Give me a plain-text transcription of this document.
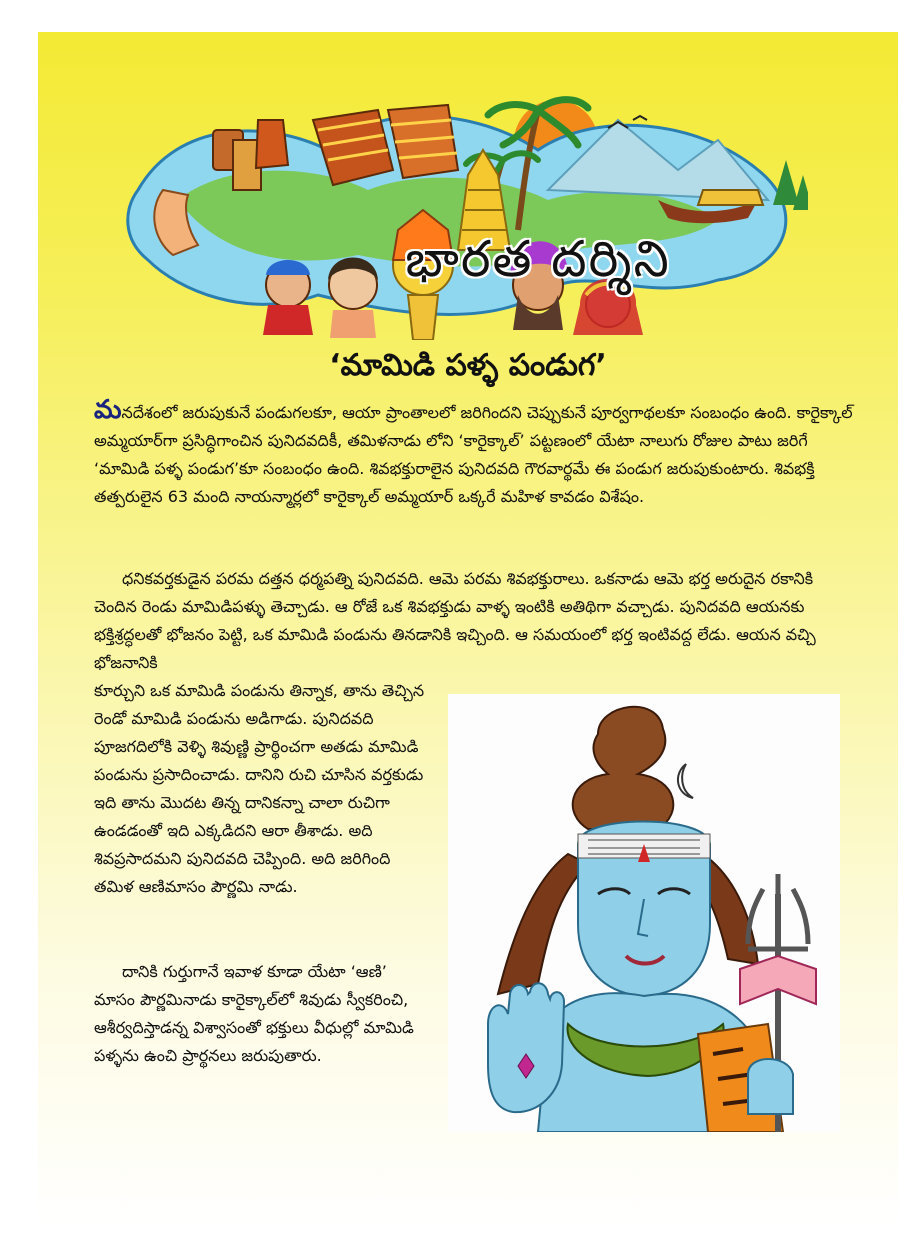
భారత దర్శిని
‘మామిడి పళ్ళ పండుగ’

మనదేశంలో జరుపుకునే పండుగలకూ, ఆయా ప్రాంతాలలో జరిగిందని చెప్పుకునే పూర్వగాథలకూ సంబంధం ఉంది. కారైక్కాల్ అమ్మయార్‌గా ప్రసిద్ధిగాంచిన పునిదవదికీ, తమిళనాడు లోని ‘కారైక్కాల్’ పట్టణంలో యేటా నాలుగు రోజుల పాటు జరిగే ‘మామిడి పళ్ళ పండుగ’కూ సంబంధం ఉంది. శివభక్తురాలైన పునిదవది గౌరవార్థమే ఈ పండుగ జరుపుకుంటారు. శివభక్తి తత్పరులైన 63 మంది నాయన్మార్లలో కారైక్కాల్ అమ్మయార్ ఒక్కరే మహిళ కావడం విశేషం.

ధనికవర్తకుడైన పరమ దత్తన ధర్మపత్ని పునిదవది. ఆమె పరమ శివభక్తురాలు. ఒకనాడు ఆమె భర్త అరుదైన రకానికి చెందిన రెండు మామిడిపళ్ళు తెచ్చాడు. ఆ రోజే ఒక శివభక్తుడు వాళ్ళ ఇంటికి అతిథిగా వచ్చాడు. పునిదవది ఆయనకు భక్తిశ్రద్ధలతో భోజనం పెట్టి, ఒక మామిడి పండును తినడానికి ఇచ్చింది. ఆ సమయంలో భర్త ఇంటివద్ద లేడు. ఆయన వచ్చి భోజనానికి

కూర్చుని ఒక మామిడి పండును తిన్నాక, తాను తెచ్చిన రెండో మామిడి పండును అడిగాడు. పునిదవది పూజగదిలోకి వెళ్ళి శివుణ్ణి ప్రార్థించగా అతడు మామిడి పండును ప్రసాదించాడు. దానిని రుచి చూసిన వర్తకుడు ఇది తాను మొదట తిన్న దానికన్నా చాలా రుచిగా ఉండడంతో ఇది ఎక్కడిదని ఆరా తీశాడు. అది శివప్రసాదమని పునిదవది చెప్పింది. అది జరిగింది తమిళ ఆణిమాసం పౌర్ణమి నాడు.

దానికి గుర్తుగానే ఇవాళ కూడా యేటా ‘ఆణి’ మాసం పౌర్ణమినాడు కారైక్కాల్‌లో శివుడు స్వీకరించి, ఆశీర్వదిస్తాడన్న విశ్వాసంతో భక్తులు వీధుల్లో మామిడి పళ్ళను ఉంచి ప్రార్థనలు జరుపుతారు.
